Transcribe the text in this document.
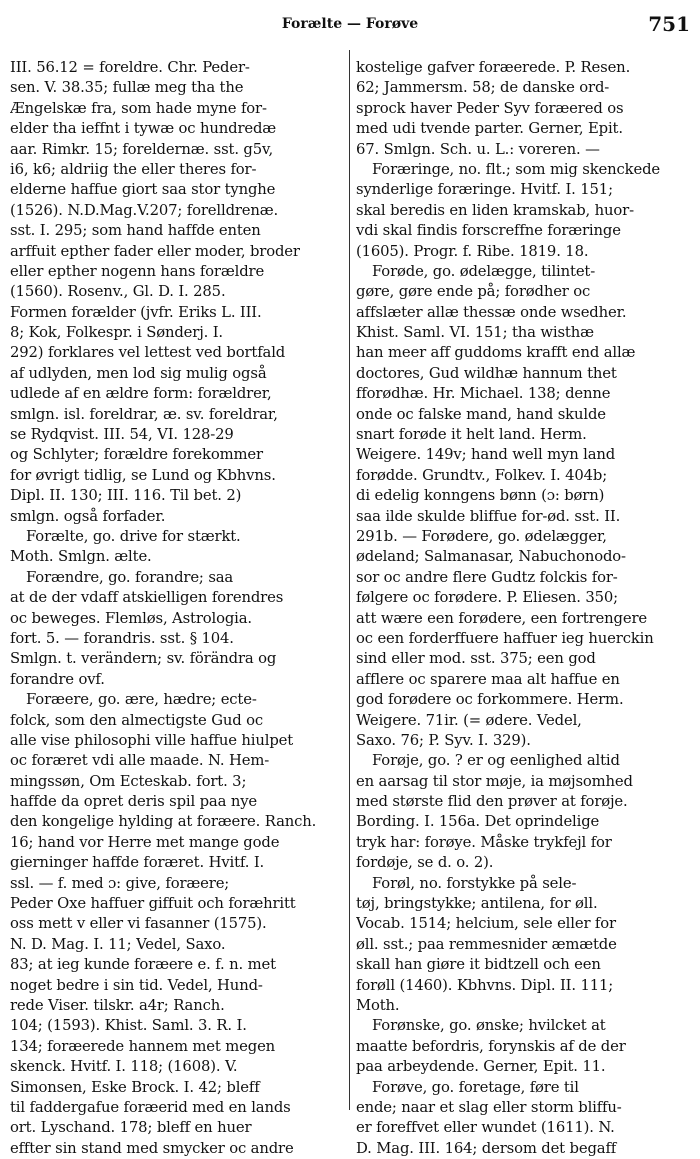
Forælte — Forøve	751
III. 56.12 = foreldre. Chr. Peder-
sen. V. 38.35; fullæ meg tha the
Ængelskæ fra, som hade myne for-
elder tha ieffnt i tywæ oc hundredæ
aar. Rimkr. 15; foreldernæ. sst. g5v,
i6, k6; aldriig the eller theres for-
elderne haffue giort saa stor tynghe
(1526). N.D.Mag.V.207; forelldrenæ.
sst. I. 295; som hand haffde enten
arffuit epther fader eller moder, broder
eller epther nogenn hans forældre
(1560). Rosenv., Gl. D. I. 285.
Formen forælder (jvfr. Eriks L. III.
8; Kok, Folkespr. i Sønderj. I.
292) forklares vel lettest ved bortfald
af udlyden, men lod sig mulig også
udlede af en ældre form: forældrer,
smlgn. isl. foreldrar, æ. sv. foreldrar,
se Rydqvist. III. 54, VI. 128-29
og Schlyter; forældre forekommer
for øvrigt tidlig, se Lund og Kbhvns.
Dipl. II. 130; III. 116. Til bet. 2)
smlgn. også forfader.
Forælte, go. drive for stærkt.
Moth. Smlgn. ælte.
Forændre, go. forandre; saa
at de der vdaff atskielligen forendres
oc beweges. Flemløs, Astrologia.
fort. 5. — forandris. sst. § 104.
Smlgn. t. verändern; sv. förändra og
forandre ovf.
Foræere, go. ære, hædre; ecte-
folck, som den almectigste Gud oc
alle vise philosophi ville haffue hiulpet
oc foræret vdi alle maade. N. Hem-
mingssøn, Om Ecteskab. fort. 3;
haffde da opret deris spil paa nye
den kongelige hylding at foræere. Ranch.
16; hand vor Herre met mange gode
gierninger haffde foræret. Hvitf. I.
ssl. — f. med ɔ: give, foræere;
Peder Oxe haffuer giffuit och foræhritt
oss mett v eller vi fasanner (1575).
N. D. Mag. I. 11; Vedel, Saxo.
83; at ieg kunde foræere e. f. n. met
noget bedre i sin tid. Vedel, Hund-
rede Viser. tilskr. a4r; Ranch.
104; (1593). Khist. Saml. 3. R. I.
134; foræerede hannem met megen
skenck. Hvitf. I. 118; (1608). V.
Simonsen, Eske Brock. I. 42; bleff
til faddergafue foræerid med en lands
ort. Lyschand. 178; bleff en huer
effter sin stand med smycker oc andre
kostelige gafver foræerede. P. Resen.
62; Jammersm. 58; de danske ord-
sprock haver Peder Syv foræered os
med udi tvende parter. Gerner, Epit.
67. Smlgn. Sch. u. L.: voreren. —
Foræringe, no. flt.; som mig skenckede
synderlige foræringe. Hvitf. I. 151;
skal beredis en liden kramskab, huor-
vdi skal findis forscreffne foræringe
(1605). Progr. f. Ribe. 1819. 18.
Forøde, go. ødelægge, tilintet-
gøre, gøre ende på; forødher oc
affslæter allæ thessæ onde wsedher.
Khist. Saml. VI. 151; tha wisthæ
han meer aff guddoms krafft end allæ
doctores, Gud wildhæ hannum thet
fforødhæ. Hr. Michael. 138; denne
onde oc falske mand, hand skulde
snart forøde it helt land. Herm.
Weigere. 149v; hand well myn land
forødde. Grundtv., Folkev. I. 404b;
di edelig konngens bønn (ɔ: børn)
saa ilde skulde bliffue for-ød. sst. II.
291b. — Forødere, go. ødelægger,
ødeland; Salmanasar, Nabuchonodo-
sor oc andre flere Gudtz folckis for-
følgere oc forødere. P. Eliesen. 350;
att wære een forødere, een fortrengere
oc een forderffuere haffuer ieg huerckin
sind eller mod. sst. 375; een god
afflere oc sparere maa alt haffue en
god forødere oc forkommere. Herm.
Weigere. 71ir. (= ødere. Vedel,
Saxo. 76; P. Syv. I. 329).
Forøje, go. ? er og eenlighed altid
en aarsag til stor møje, ia møjsomhed
med største flid den prøver at forøje.
Bording. I. 156a. Det oprindelige
tryk har: forøye. Måske trykfejl for
fordøje, se d. o. 2).
Forøl, no. forstykke på sele-
tøj, bringstykke; antilena, for øll.
Vocab. 1514; helcium, sele eller for
øll. sst.; paa remmesnider æmætde
skall han giøre it bidtzell och een
forøll (1460). Kbhvns. Dipl. II. 111;
Moth.
Forønske, go. ønske; hvilcket at
maatte befordris, forynskis af de der
paa arbeydende. Gerner, Epit. 11.
Forøve, go. foretage, føre til
ende; naar et slag eller storm bliffu-
er foreffvet eller wundet (1611). N.
D. Mag. III. 164; dersom det begaff
